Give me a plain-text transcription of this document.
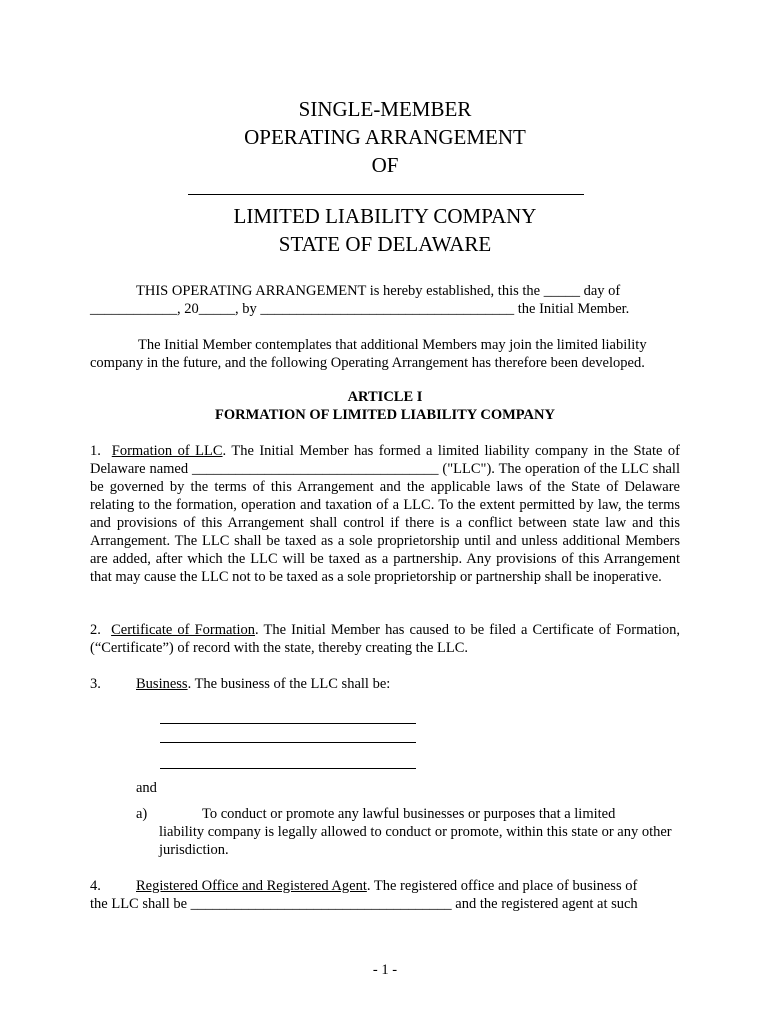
SINGLE-MEMBER
OPERATING ARRANGEMENT
OF
LIMITED LIABILITY COMPANY
STATE OF DELAWARE
THIS OPERATING ARRANGEMENT is hereby established, this the _____ day of
____________, 20_____, by ___________________________________ the Initial Member.
The Initial Member contemplates that additional Members may join the limited liability company in the future, and the following Operating Arrangement has therefore been developed.
ARTICLE I
FORMATION OF LIMITED LIABILITY COMPANY
1. Formation of LLC. The Initial Member has formed a limited liability company in the State of Delaware named __________________________________ ("LLC"). The operation of the LLC shall be governed by the terms of this Arrangement and the applicable laws of the State of Delaware relating to the formation, operation and taxation of a LLC. To the extent permitted by law, the terms and provisions of this Arrangement shall control if there is a conflict between state law and this Arrangement. The LLC shall be taxed as a sole proprietorship until and unless additional Members are added, after which the LLC will be taxed as a partnership. Any provisions of this Arrangement that may cause the LLC not to be taxed as a sole proprietorship or partnership shall be inoperative.
2. Certificate of Formation. The Initial Member has caused to be filed a Certificate of Formation, (“Certificate”) of record with the state, thereby creating the LLC.
3. Business. The business of the LLC shall be:
and
a)	To conduct or promote any lawful businesses or purposes that a limited
liability company is legally allowed to conduct or promote, within this state or any other jurisdiction.
4. Registered Office and Registered Agent. The registered office and place of business of
the LLC shall be ____________________________________ and the registered agent at such
- 1 -
